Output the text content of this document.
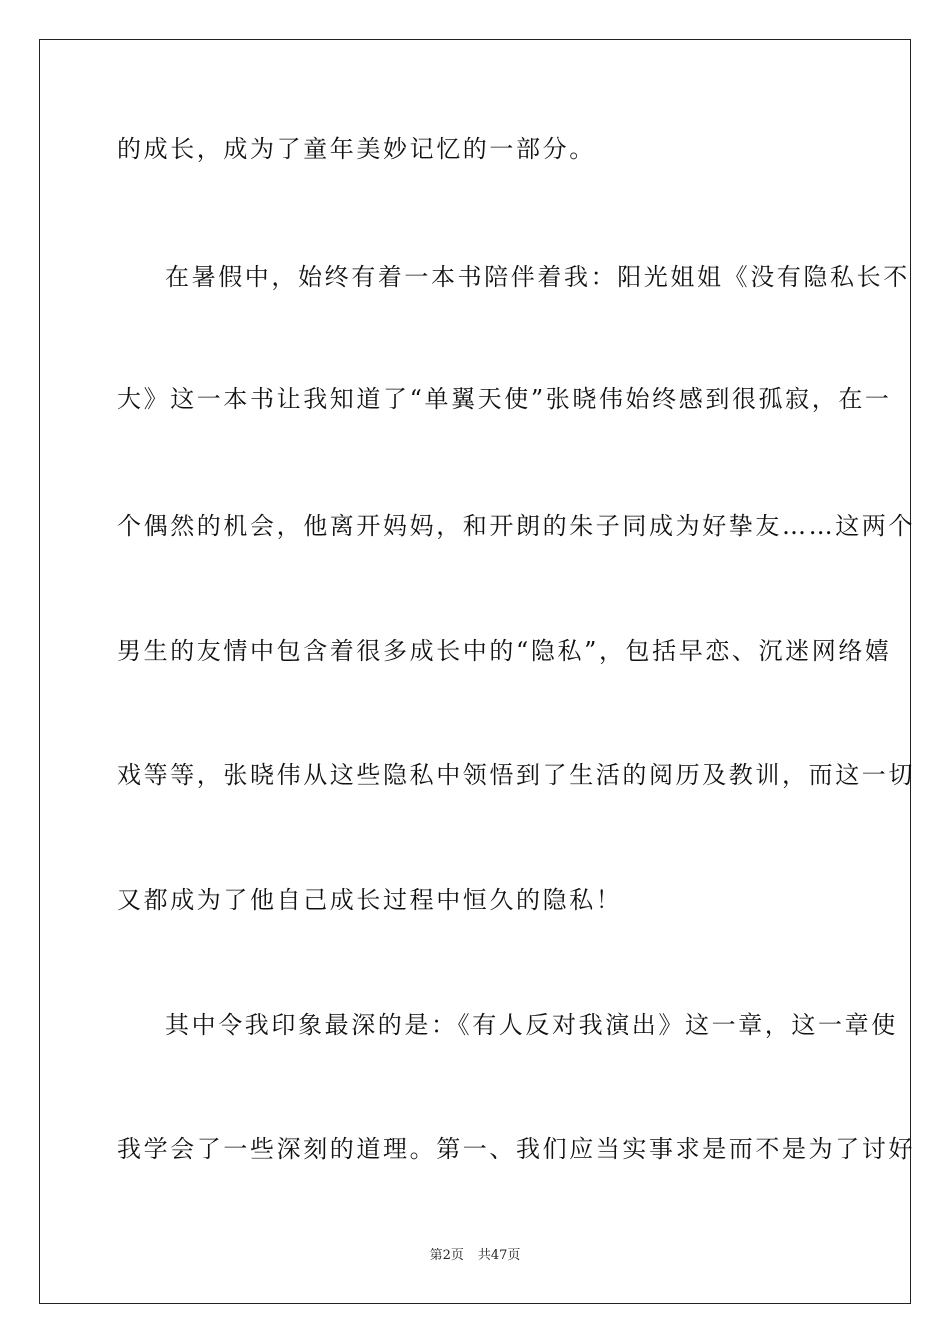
的成长，成为了童年美妙记忆的一部分。
在暑假中，始终有着一本书陪伴着我：阳光姐姐《没有隐私长不
大》这一本书让我知道了“单翼天使”张晓伟始终感到很孤寂，在一
个偶然的机会，他离开妈妈，和开朗的朱子同成为好挚友……这两个
男生的友情中包含着很多成长中的“隐私”，包括早恋、沉迷网络嬉
戏等等，张晓伟从这些隐私中领悟到了生活的阅历及教训，而这一切
又都成为了他自己成长过程中恒久的隐私！
其中令我印象最深的是：《有人反对我演出》这一章，这一章使
我学会了一些深刻的道理。第一、我们应当实事求是而不是为了讨好
第2页 共47页
